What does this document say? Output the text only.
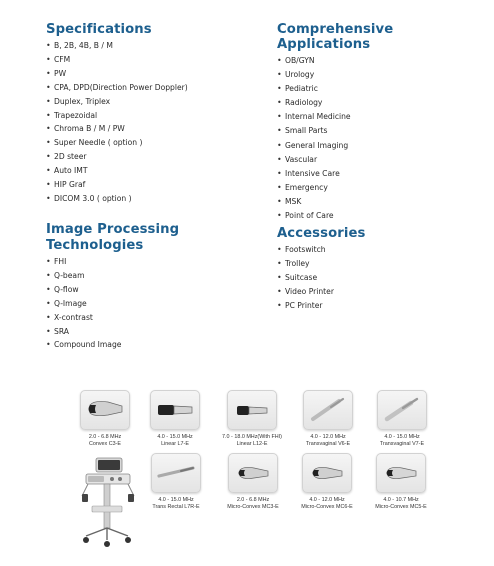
Specifications
• B, 2B, 4B, B / M
• CFM
• PW
• CPA, DPD(Direction Power Doppler)
• Duplex, Triplex
• Trapezoidal
• Chroma B / M / PW
• Super Needle ( option )
• 2D steer
• Auto IMT
• HIP Graf
• DICOM 3.0 ( option )
Comprehensive Applications
• OB/GYN
• Urology
• Pediatric
• Radiology
• Internal Medicine
• Small Parts
• General Imaging
• Vascular
• Intensive Care
• Emergency
• MSK
• Point of Care
Image Processing
Technologies
• FHI
• Q-beam
• Q-flow
• Q-Image
• X-contrast
• SRA
• Compound Image
Accessories
• Footswitch
• Trolley
• Suitcase
• Video Printer
• PC Printer
2.0 - 6.8 MHz
Convex C3-E
4.0 - 15.0 MHz
Linear L7-E
7.0 - 18.0 MHz(With FHI)
Linear L12-E
4.0 - 12.0 MHz
Transvaginal V6-E
4.0 - 15.0 MHz
Transvaginal V7-E
4.0 - 15.0 MHz
Trans Rectal L7R-E
2.0 - 6.8 MHz
Micro-Convex MC3-E
4.0 - 12.0 MHz
Micro-Convex MC6-E
4.0 - 10.7 MHz
Micro-Convex MC5-E
